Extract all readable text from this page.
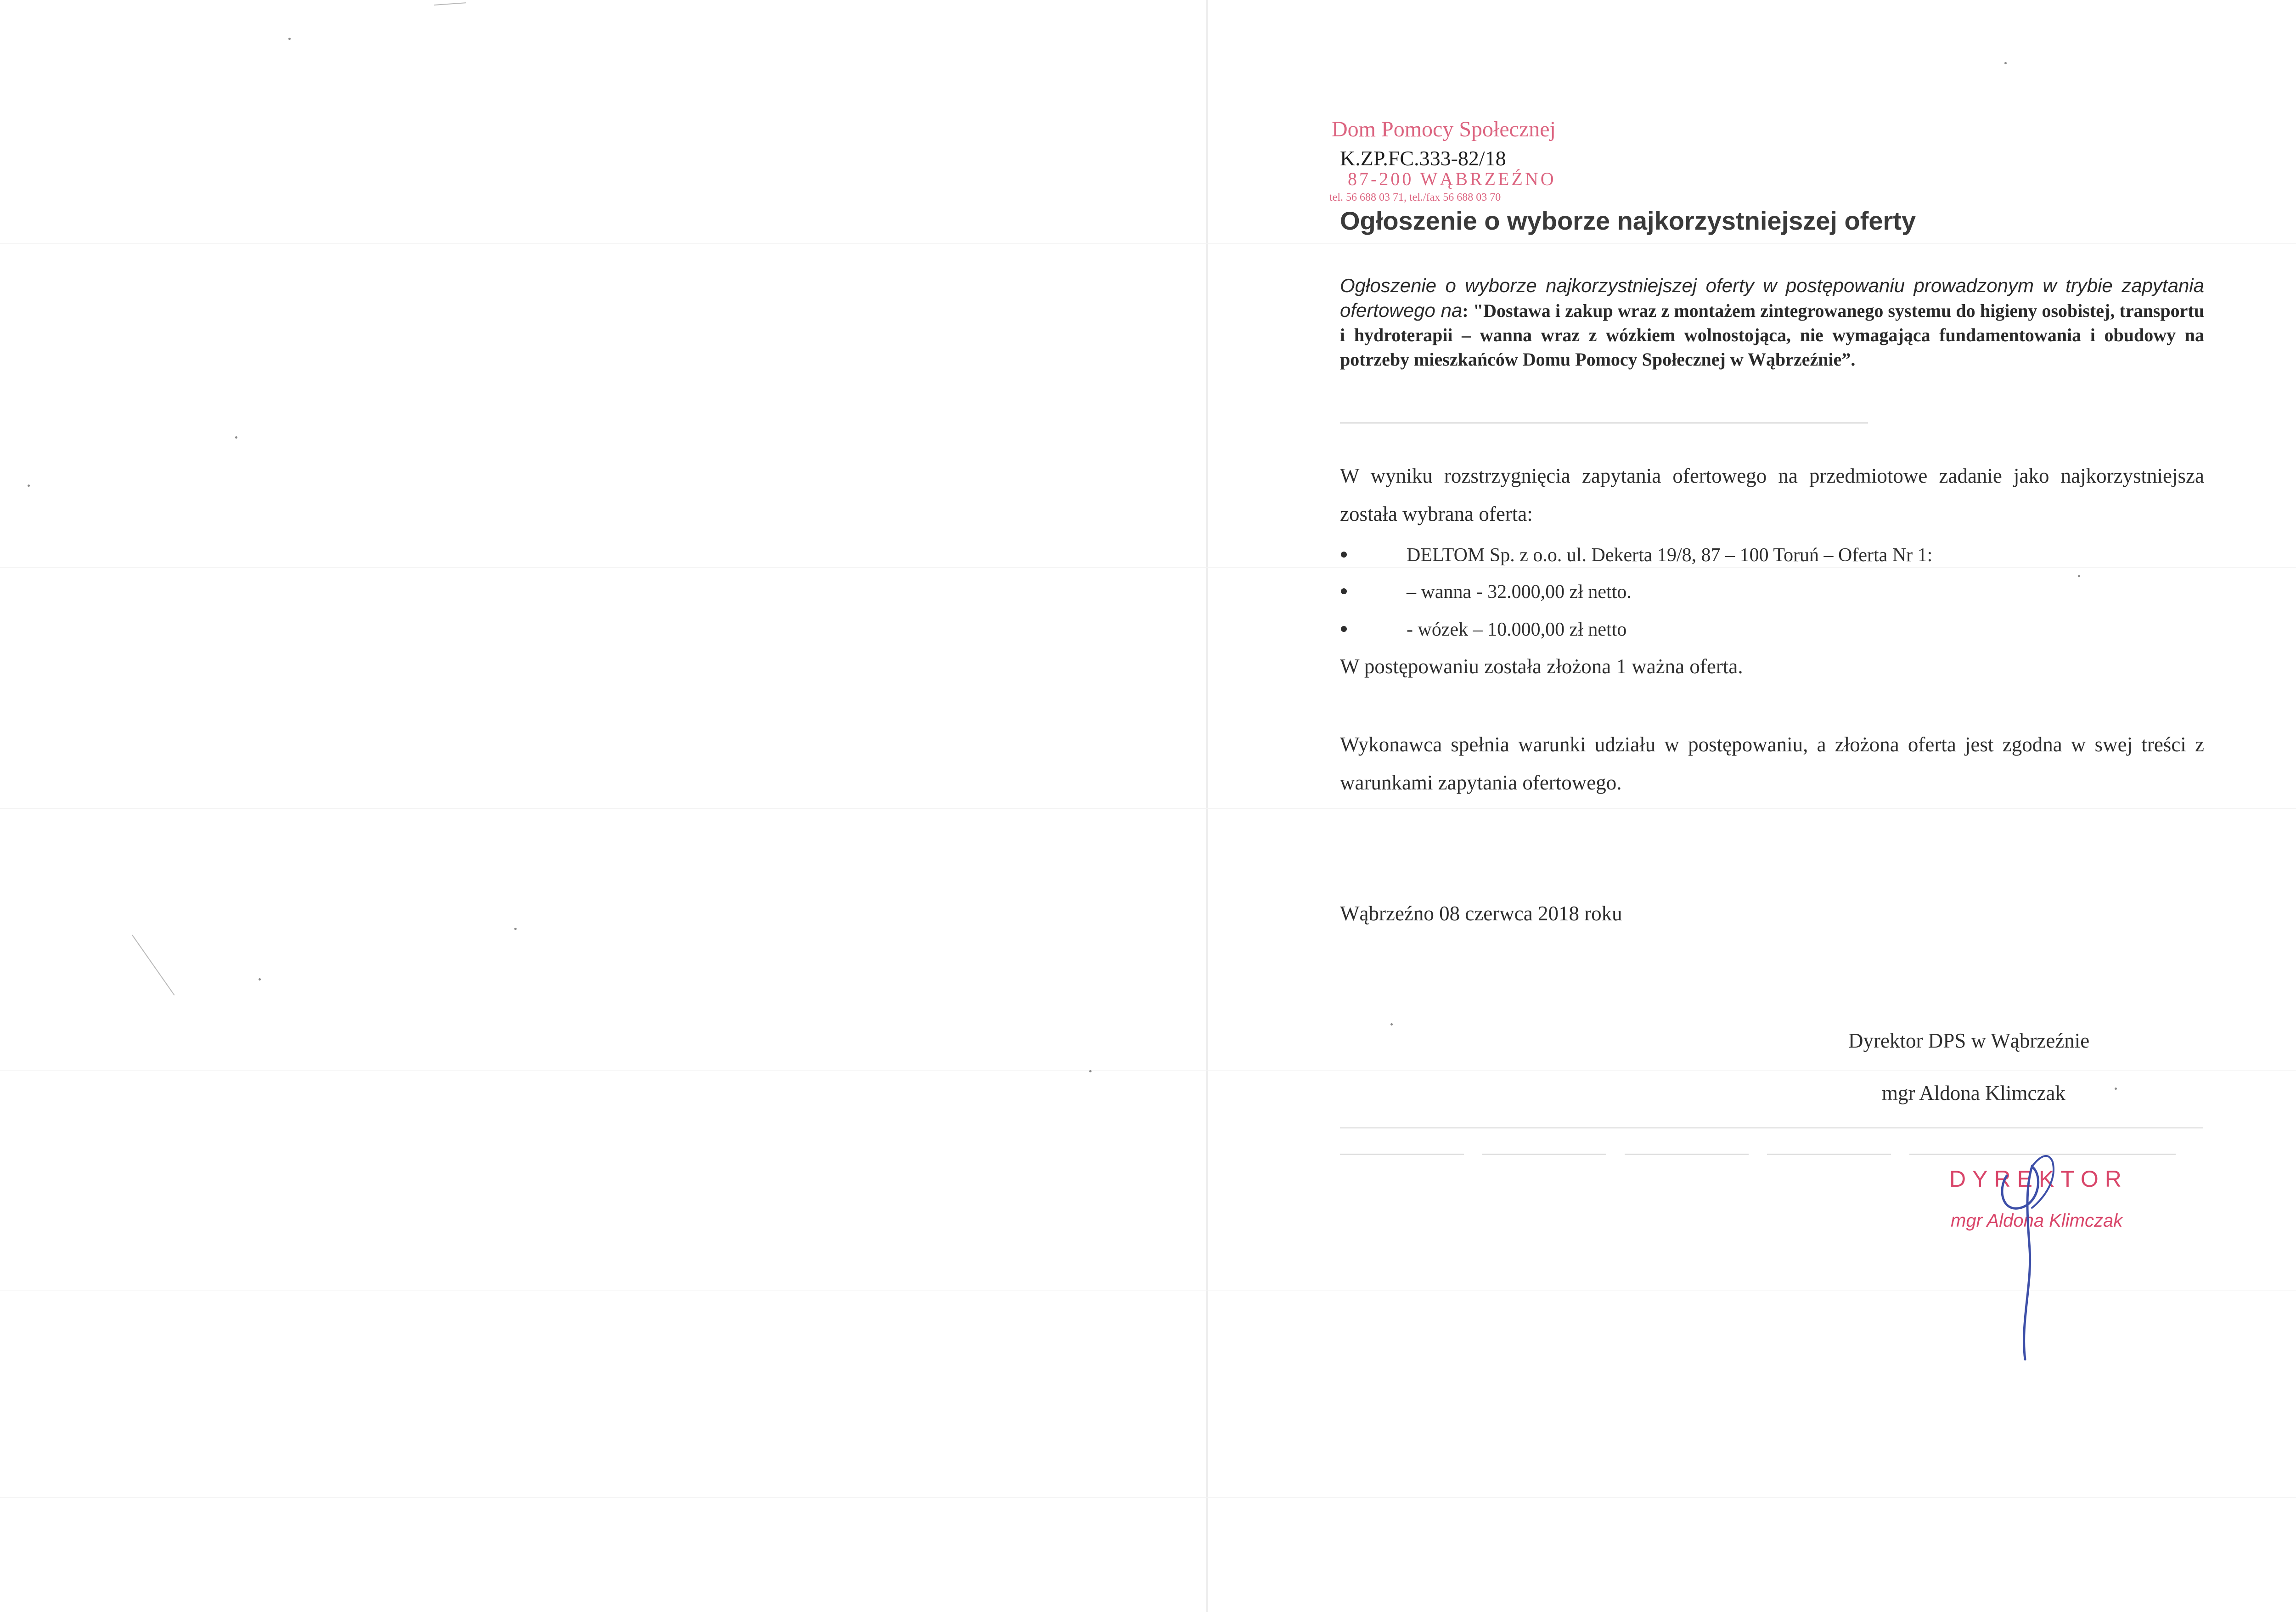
Dom Pomocy Społecznej
K.ZP.FC.333-82/18
87-200 WĄBRZEŹNO
tel. 56 688 03 71, tel./fax 56 688 03 70
Ogłoszenie o wyborze najkorzystniejszej oferty
Ogłoszenie o wyborze najkorzystniejszej oferty w postępowaniu prowadzonym w trybie zapytania ofertowego na: "Dostawa i zakup wraz z montażem zintegrowanego systemu do higieny osobistej, transportu i hydroterapii – wanna wraz z wózkiem wolnostojąca, nie wymagająca fundamentowania i obudowy na potrzeby mieszkańców Domu Pomocy Społecznej w Wąbrzeźnie”.
W wyniku rozstrzygnięcia zapytania ofertowego na przedmiotowe zadanie jako najkorzystniejsza została wybrana oferta:
DELTOM Sp. z o.o. ul. Dekerta 19/8, 87 – 100 Toruń – Oferta Nr 1:
– wanna - 32.000,00 zł netto.
- wózek – 10.000,00 zł netto
W postępowaniu została złożona 1 ważna oferta.
Wykonawca spełnia warunki udziału w postępowaniu, a złożona oferta jest zgodna w swej treści z warunkami zapytania ofertowego.
Wąbrzeźno 08 czerwca 2018 roku
Dyrektor DPS w Wąbrzeźnie
mgr Aldona Klimczak
DYREKTOR
mgr Aldona Klimczak
